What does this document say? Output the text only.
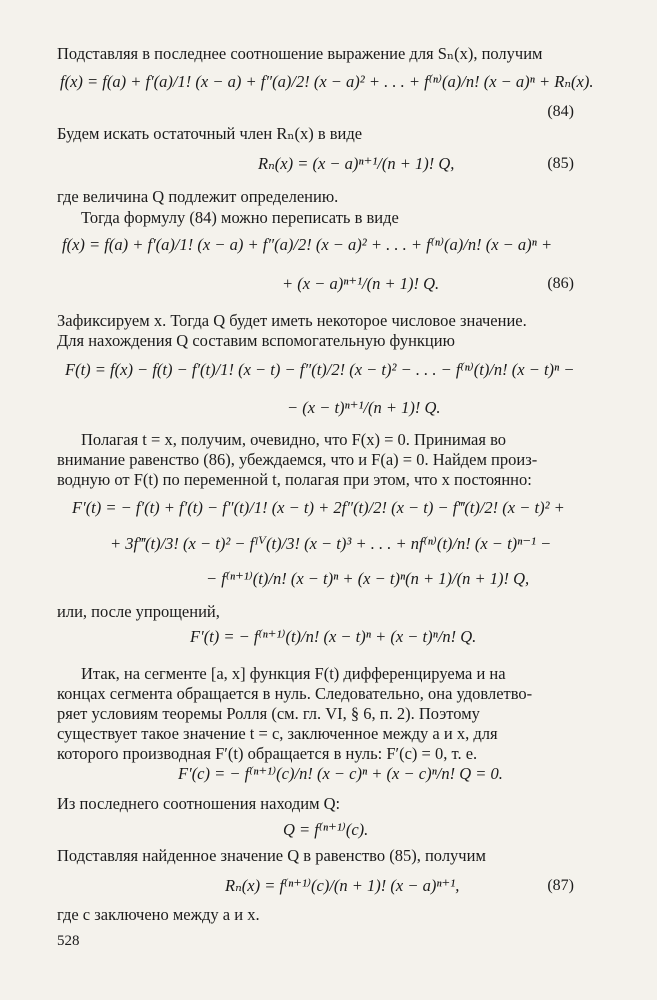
Подставляя в последнее соотношение выражение для Sₙ(x), получим
f(x) = f(a) + f′(a)/1! (x − a) + f″(a)/2! (x − a)² + . . . + f⁽ⁿ⁾(a)/n! (x − a)ⁿ + Rₙ(x).
(84)
Будем искать остаточный член Rₙ(x) в виде
Rₙ(x) = (x − a)ⁿ⁺¹/(n + 1)! Q,	(85)
где величина Q подлежит определению.
Тогда формулу (84) можно переписать в виде
f(x) = f(a) + f′(a)/1! (x − a) + f″(a)/2! (x − a)² + . . . + f⁽ⁿ⁾(a)/n! (x − a)ⁿ +
+ (x − a)ⁿ⁺¹/(n + 1)! Q.	(86)
Зафиксируем x. Тогда Q будет иметь некоторое числовое значение.
Для нахождения Q составим вспомогательную функцию
F(t) = f(x) − f(t) − f′(t)/1! (x − t) − f″(t)/2! (x − t)² − . . . − f⁽ⁿ⁾(t)/n! (x − t)ⁿ −
− (x − t)ⁿ⁺¹/(n + 1)! Q.
Полагая t = x, получим, очевидно, что F(x) = 0. Принимая во
внимание равенство (86), убеждаемся, что и F(a) = 0. Найдем произ-
водную от F(t) по переменной t, полагая при этом, что x постоянно:
F′(t) = − f′(t) + f′(t) − f″(t)/1! (x − t) + 2f″(t)/2! (x − t) − f‴(t)/2! (x − t)² +
+ 3f‴(t)/3! (x − t)² − fᴵⱽ(t)/3! (x − t)³ + . . . + nf⁽ⁿ⁾(t)/n! (x − t)ⁿ⁻¹ −
− f⁽ⁿ⁺¹⁾(t)/n! (x − t)ⁿ + (x − t)ⁿ(n + 1)/(n + 1)! Q,
или, после упрощений,
F′(t) = − f⁽ⁿ⁺¹⁾(t)/n! (x − t)ⁿ + (x − t)ⁿ/n! Q.
Итак, на сегменте [a, x] функция F(t) дифференцируема и на
концах сегмента обращается в нуль. Следовательно, она удовлетво-
ряет условиям теоремы Ролля (см. гл. VI, § 6, п. 2). Поэтому
существует такое значение t = c, заключенное между a и x, для
которого производная F′(t) обращается в нуль: F′(c) = 0, т. е.
F′(c) = − f⁽ⁿ⁺¹⁾(c)/n! (x − c)ⁿ + (x − c)ⁿ/n! Q = 0.
Из последнего соотношения находим Q:
Q = f⁽ⁿ⁺¹⁾(c).
Подставляя найденное значение Q в равенство (85), получим
Rₙ(x) = f⁽ⁿ⁺¹⁾(c)/(n + 1)! (x − a)ⁿ⁺¹,	(87)
где c заключено между a и x.
528
